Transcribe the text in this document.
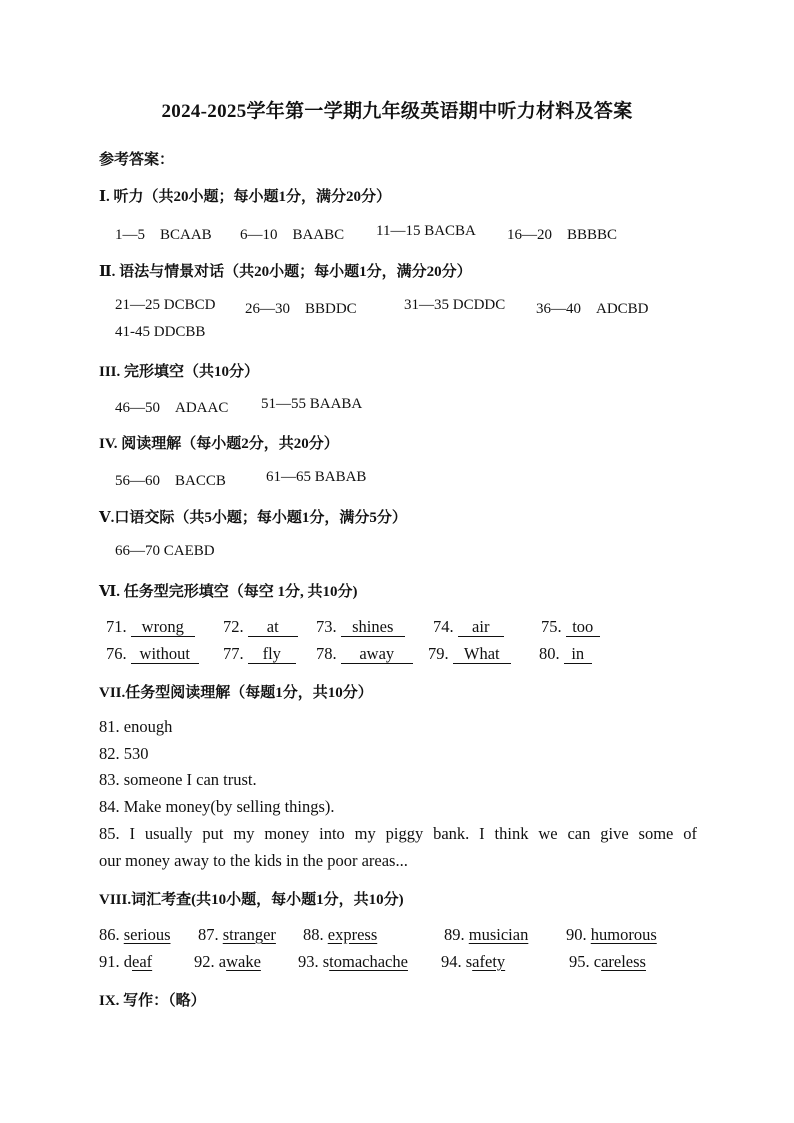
2024-2025学年第一学期九年级英语期中听力材料及答案
参考答案：
Ⅰ. 听力（共20小题；每小题1分，满分20分）
1—5　BCAAB 6—10　BAABC 11—15 BACBA 16—20　BBBBC
Ⅱ. 语法与情景对话（共20小题；每小题1分，满分20分）
21—25 DCBCD 26—30　BBDDC	31—35 DCDDC 36—40　ADCBD
41-45 DDCBB
III. 完形填空（共10分）
46—50　ADAAC 51—55 BAABA
IV. 阅读理解（每小题2分，共20分）
56—60　BACCB	61—65 BABAB
Ⅴ.口语交际（共5小题；每小题1分，满分5分）
66—70 CAEBD
Ⅵ. 任务型完形填空（每空 1分, 共10分)
71. wrong	72. at	73. shines	74. air	75. too
76. without	77. fly	78. away	79. What	80. in
VII.任务型阅读理解（每题1分，共10分）
81. enough
82. 530
83. someone I can trust.
84. Make money(by selling things).
85. I usually put my money into my piggy bank. I think we can give some of
our money away to the kids in the poor areas...
VIII.词汇考查(共10小题，每小题1分，共10分)
86. serious 87. stranger 88. express	89. musician	90. humorous
91. deaf	92. awake 93. stomachache 94. safety	95. careless
IX. 写作：（略）
